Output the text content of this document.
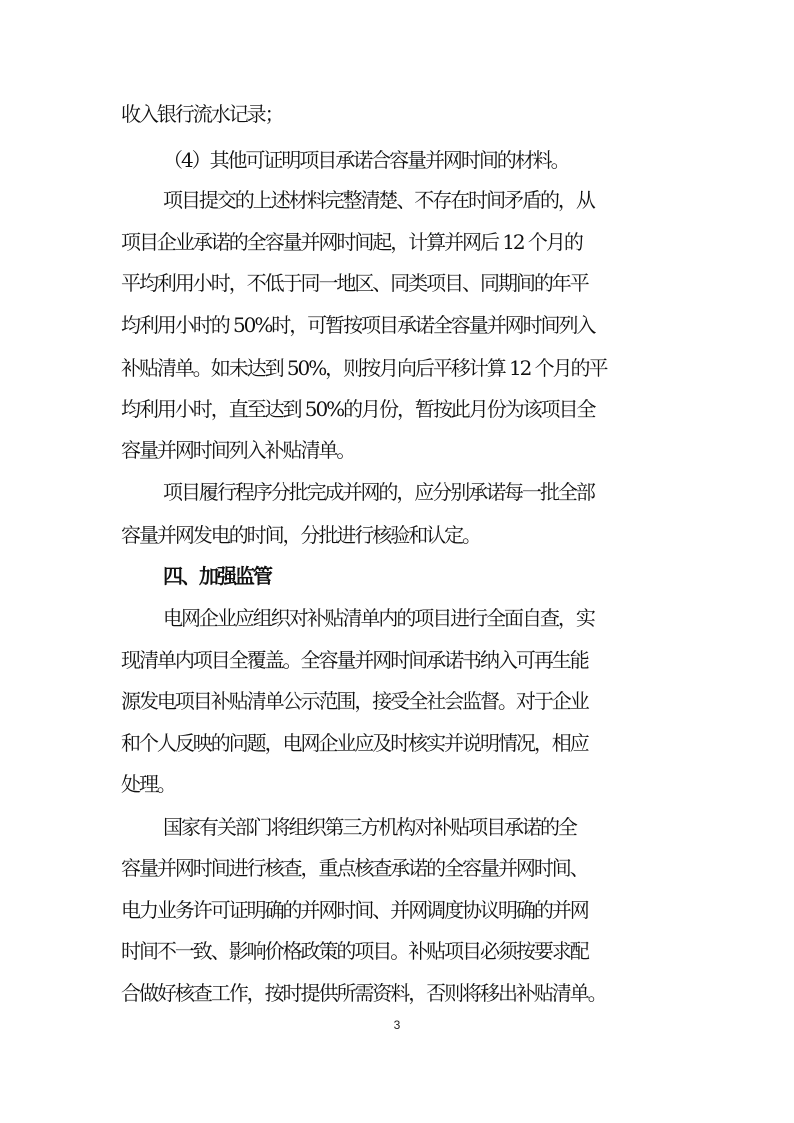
收入银行流水记录；
（4）其他可证明项目承诺合容量并网时间的材料。
项目提交的上述材料完整清楚、不存在时间矛盾的，从
项目企业承诺的全容量并网时间起，计算并网后 12 个月的
平均利用小时，不低于同一地区、同类项目、同期间的年平
均利用小时的 50%时，可暂按项目承诺全容量并网时间列入
补贴清单。如未达到 50%，则按月向后平移计算 12 个月的平
均利用小时，直至达到 50%的月份，暂按此月份为该项目全
容量并网时间列入补贴清单。
项目履行程序分批完成并网的，应分别承诺每一批全部
容量并网发电的时间，分批进行核验和认定。
四、加强监管
电网企业应组织对补贴清单内的项目进行全面自查，实
现清单内项目全覆盖。全容量并网时间承诺书纳入可再生能
源发电项目补贴清单公示范围，接受全社会监督。对于企业
和个人反映的问题，电网企业应及时核实并说明情况，相应
处理。
国家有关部门将组织第三方机构对补贴项目承诺的全
容量并网时间进行核查，重点核查承诺的全容量并网时间、
电力业务许可证明确的并网时间、并网调度协议明确的并网
时间不一致、影响价格政策的项目。补贴项目必须按要求配
合做好核查工作，按时提供所需资料，否则将移出补贴清单。
3
